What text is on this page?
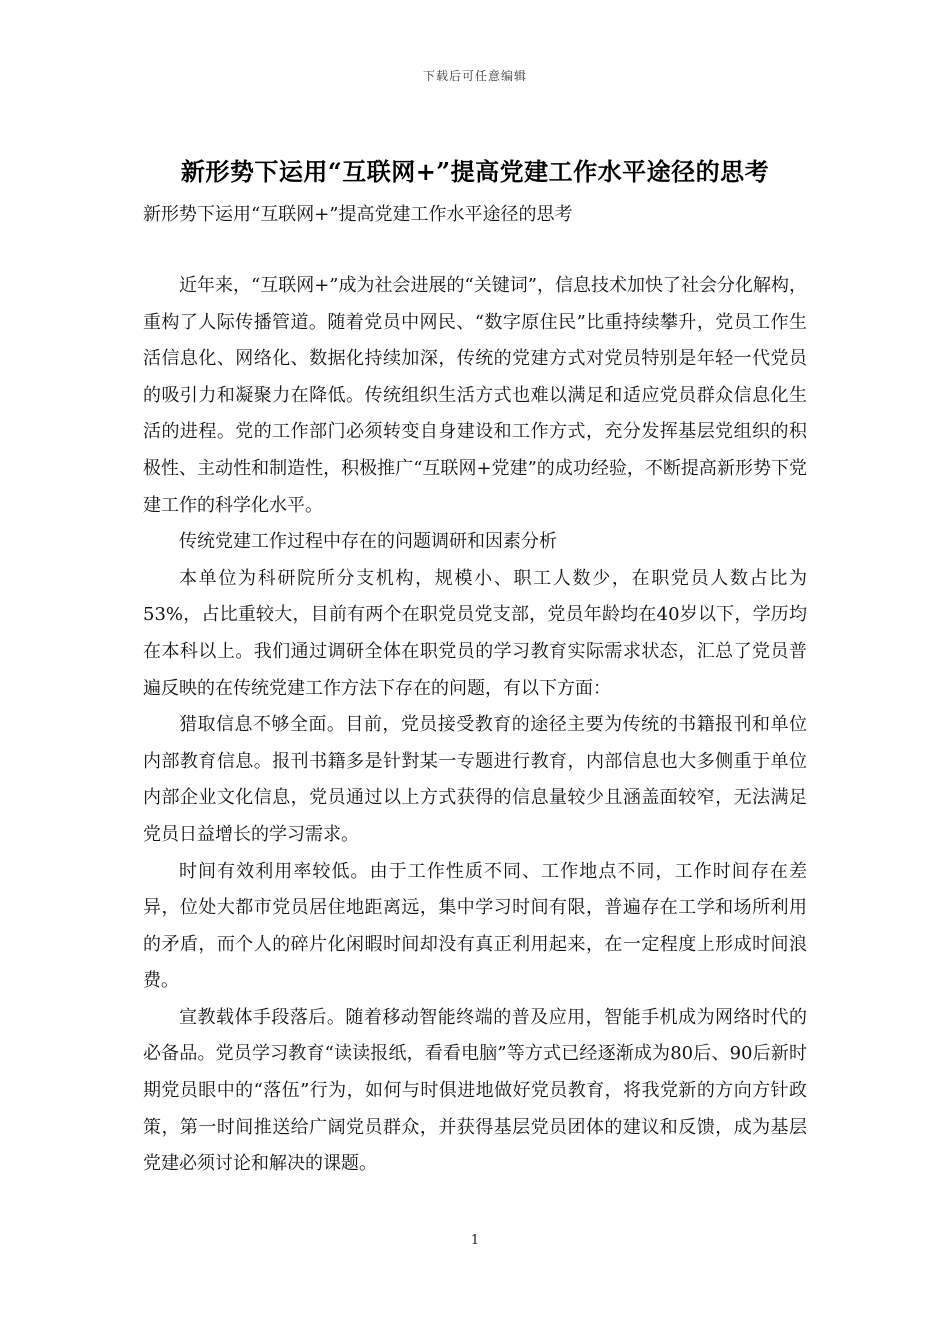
下载后可任意编辑
新形势下运用“互联网+”提高党建工作水平途径的思考
新形势下运用“互联网+”提高党建工作水平途径的思考

近年来，“互联网+”成为社会进展的“关键词”，信息技术加快了社会分化解构，重构了人际传播管道。随着党员中网民、“数字原住民”比重持续攀升，党员工作生活信息化、网络化、数据化持续加深，传统的党建方式对党员特别是年轻一代党员的吸引力和凝聚力在降低。传统组织生活方式也难以满足和适应党员群众信息化生活的进程。党的工作部门必须转变自身建设和工作方式，充分发挥基层党组织的积极性、主动性和制造性，积极推广“互联网+党建”的成功经验，不断提高新形势下党建工作的科学化水平。

传统党建工作过程中存在的问题调研和因素分析

本单位为科研院所分支机构，规模小、职工人数少，在职党员人数占比为53%，占比重较大，目前有两个在职党员党支部，党员年龄均在40岁以下，学历均在本科以上。我们通过调研全体在职党员的学习教育实际需求状态，汇总了党员普遍反映的在传统党建工作方法下存在的问题，有以下方面：

猎取信息不够全面。目前，党员接受教育的途径主要为传统的书籍报刊和单位内部教育信息。报刊书籍多是针對某一专题进行教育，内部信息也大多侧重于单位内部企业文化信息，党员通过以上方式获得的信息量较少且涵盖面较窄，无法满足党员日益增长的学习需求。

时间有效利用率较低。由于工作性质不同、工作地点不同，工作时间存在差异，位处大都市党员居住地距离远，集中学习时间有限，普遍存在工学和场所利用的矛盾，而个人的碎片化闲暇时间却没有真正利用起来，在一定程度上形成时间浪费。

宣教载体手段落后。随着移动智能终端的普及应用，智能手机成为网络时代的必备品。党员学习教育“读读报纸，看看电脑”等方式已经逐渐成为80后、90后新时期党员眼中的“落伍”行为，如何与时俱进地做好党员教育，将我党新的方向方针政策，第一时间推送给广阔党员群众，并获得基层党员团体的建议和反馈，成为基层党建必须讨论和解决的课题。

1
